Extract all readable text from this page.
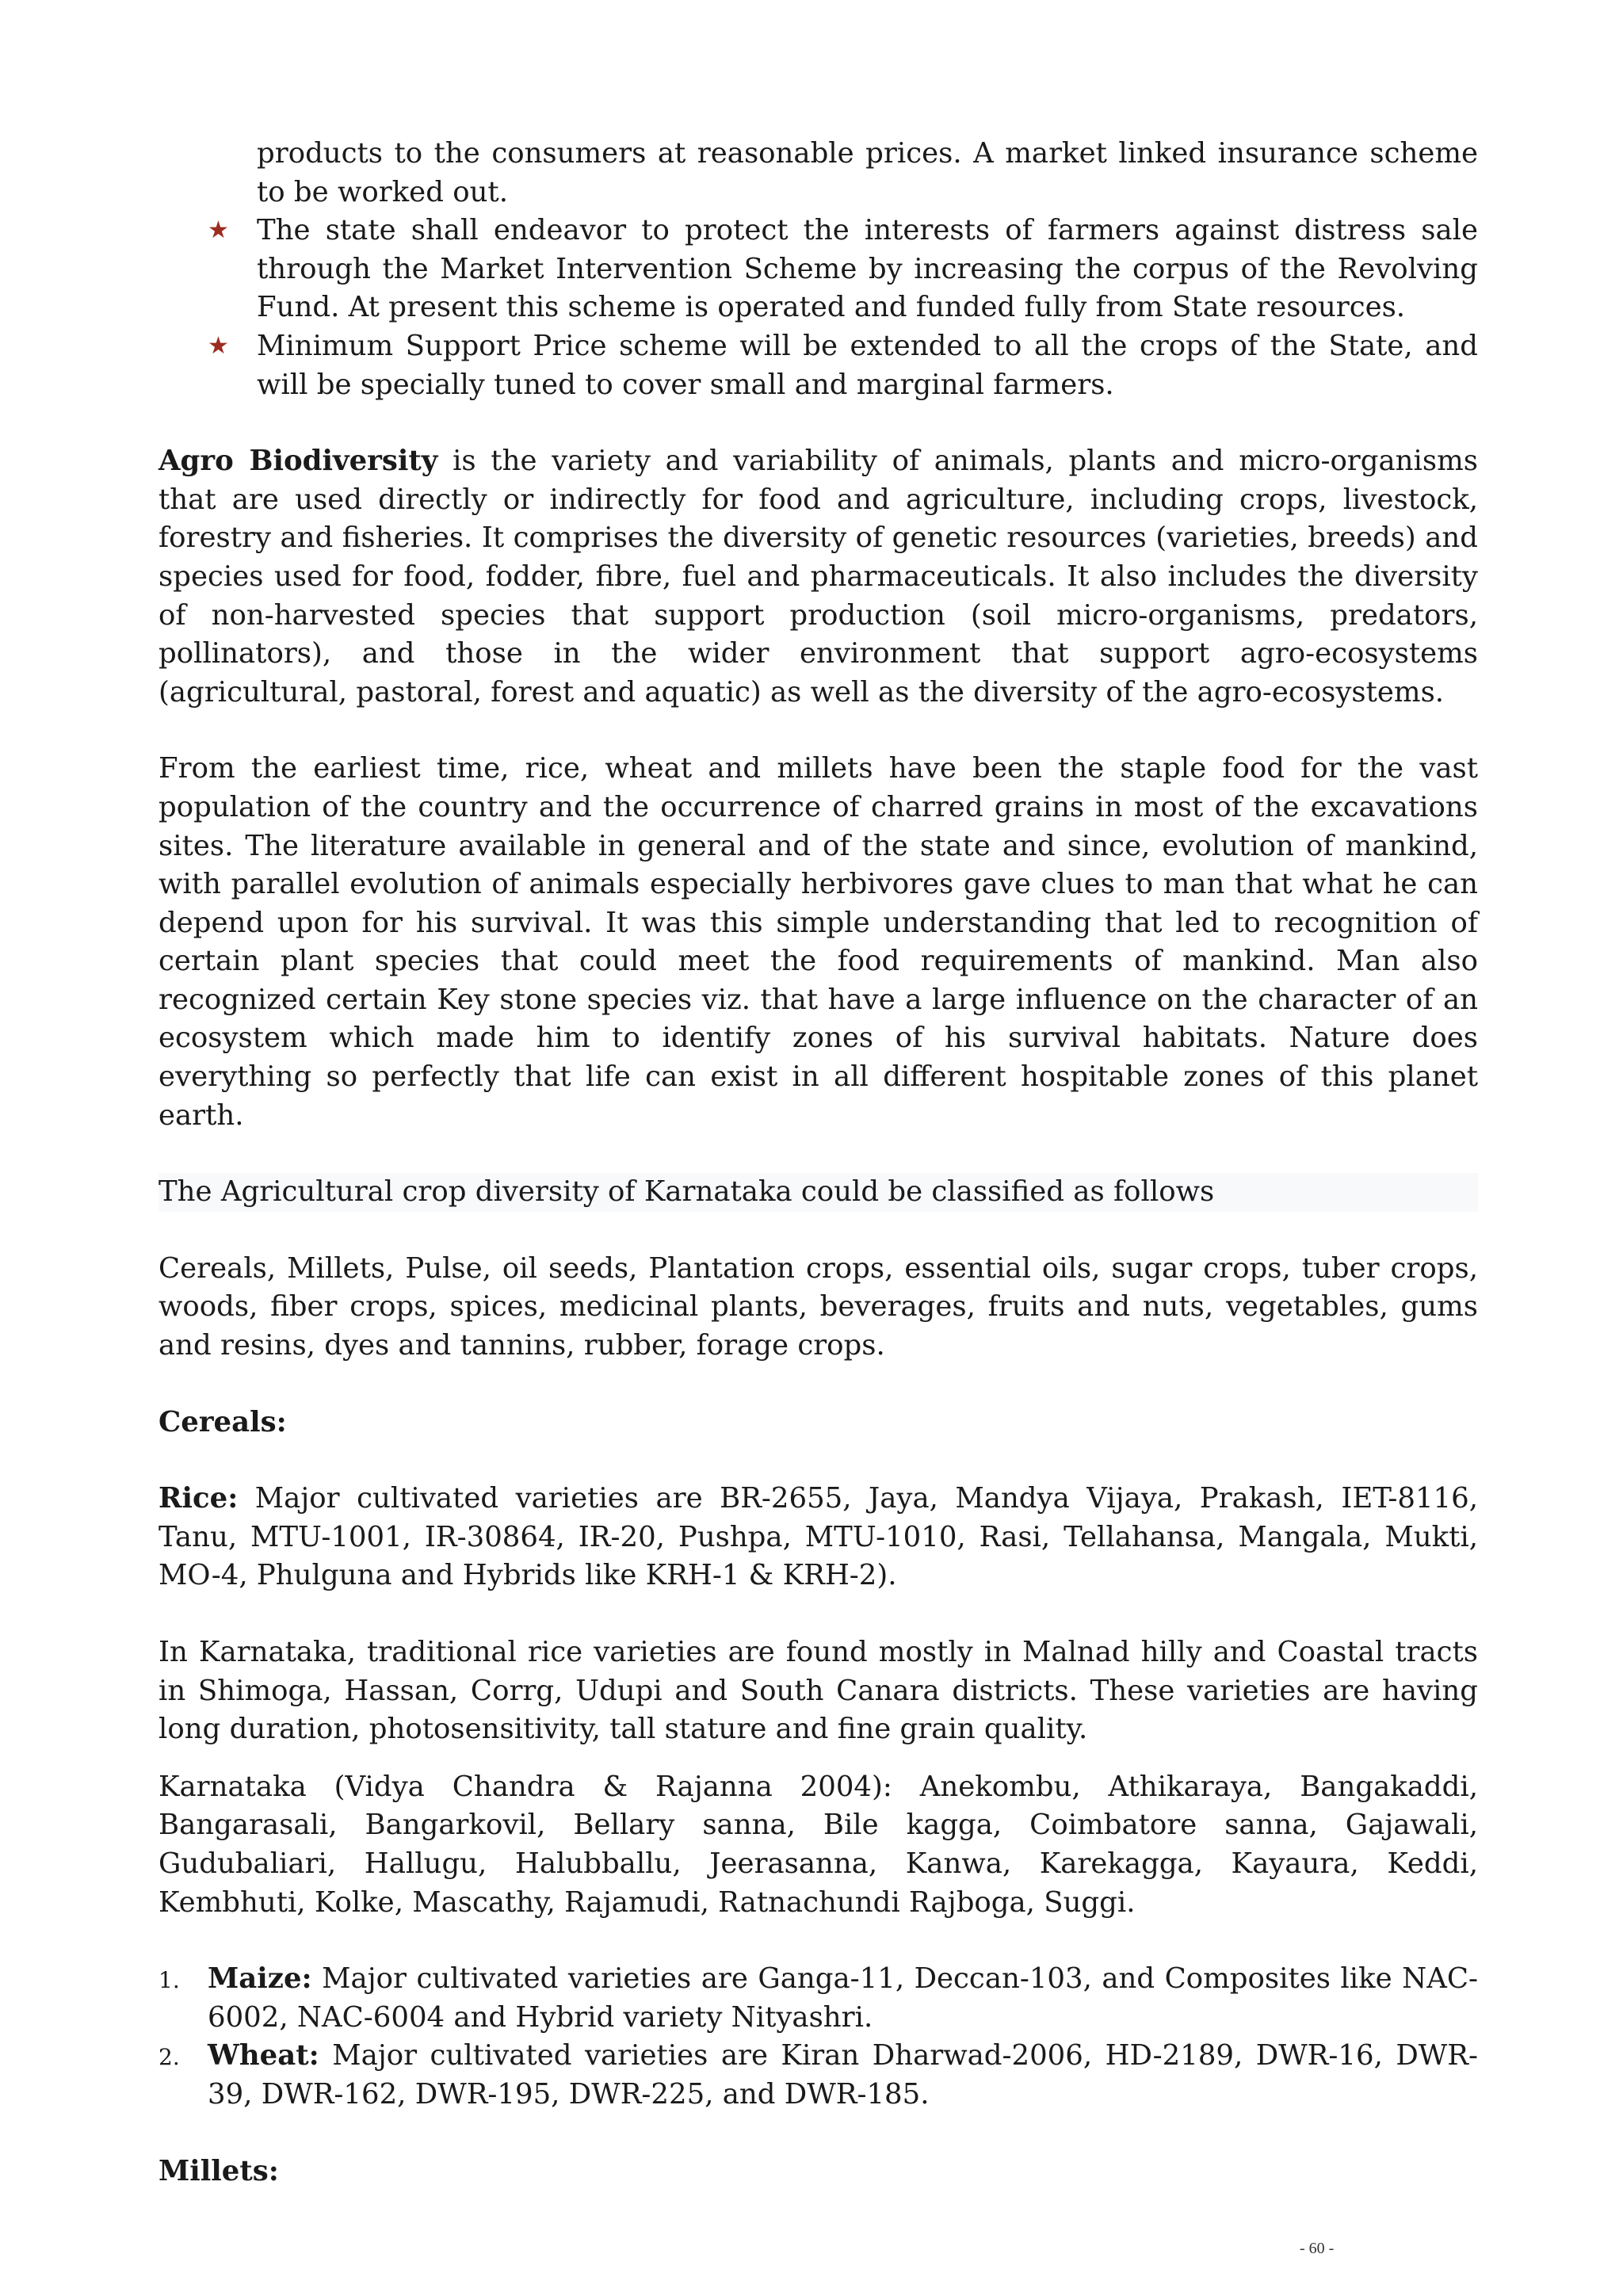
products to the consumers at reasonable prices. A market linked insurance scheme to be worked out.

★ The state shall endeavor to protect the interests of farmers against distress sale through the Market Intervention Scheme by increasing the corpus of the Revolving Fund. At present this scheme is operated and funded fully from State resources.

★ Minimum Support Price scheme will be extended to all the crops of the State, and will be specially tuned to cover small and marginal farmers.

Agro Biodiversity is the variety and variability of animals, plants and micro-organisms that are used directly or indirectly for food and agriculture, including crops, livestock, forestry and fisheries. It comprises the diversity of genetic resources (varieties, breeds) and species used for food, fodder, fibre, fuel and pharmaceuticals. It also includes the diversity of non-harvested species that support production (soil micro-organisms, predators, pollinators), and those in the wider environment that support agro-ecosystems (agricultural, pastoral, forest and aquatic) as well as the diversity of the agro-ecosystems.

From the earliest time, rice, wheat and millets have been the staple food for the vast population of the country and the occurrence of charred grains in most of the excavations sites. The literature available in general and of the state and since, evolution of mankind, with parallel evolution of animals especially herbivores gave clues to man that what he can depend upon for his survival. It was this simple understanding that led to recognition of certain plant species that could meet the food requirements of mankind. Man also recognized certain Key stone species viz. that have a large influence on the character of an ecosystem which made him to identify zones of his survival habitats. Nature does everything so perfectly that life can exist in all different hospitable zones of this planet earth.

The Agricultural crop diversity of Karnataka could be classified as follows

Cereals, Millets, Pulse, oil seeds, Plantation crops, essential oils, sugar crops, tuber crops, woods, fiber crops, spices, medicinal plants, beverages, fruits and nuts, vegetables, gums and resins, dyes and tannins, rubber, forage crops.

Cereals:

Rice: Major cultivated varieties are BR-2655, Jaya, Mandya Vijaya, Prakash, IET-8116, Tanu, MTU-1001, IR-30864, IR-20, Pushpa, MTU-1010, Rasi, Tellahansa, Mangala, Mukti, MO-4, Phulguna and Hybrids like KRH-1 & KRH-2).

In Karnataka, traditional rice varieties are found mostly in Malnad hilly and Coastal tracts in Shimoga, Hassan, Corrg, Udupi and South Canara districts. These varieties are having long duration, photosensitivity, tall stature and fine grain quality.

Karnataka (Vidya Chandra & Rajanna 2004): Anekombu, Athikaraya, Bangakaddi, Bangarasali, Bangarkovil, Bellary sanna, Bile kagga, Coimbatore sanna, Gajawali, Gudubaliari, Hallugu, Halubballu, Jeerasanna, Kanwa, Karekagga, Kayaura, Keddi, Kembhuti, Kolke, Mascathy, Rajamudi, Ratnachundi Rajboga, Suggi.

1. Maize: Major cultivated varieties are Ganga-11, Deccan-103, and Composites like NAC-6002, NAC-6004 and Hybrid variety Nityashri.

2. Wheat: Major cultivated varieties are Kiran Dharwad-2006, HD-2189, DWR-16, DWR-39, DWR-162, DWR-195, DWR-225, and DWR-185.

Millets:

- 60 -
